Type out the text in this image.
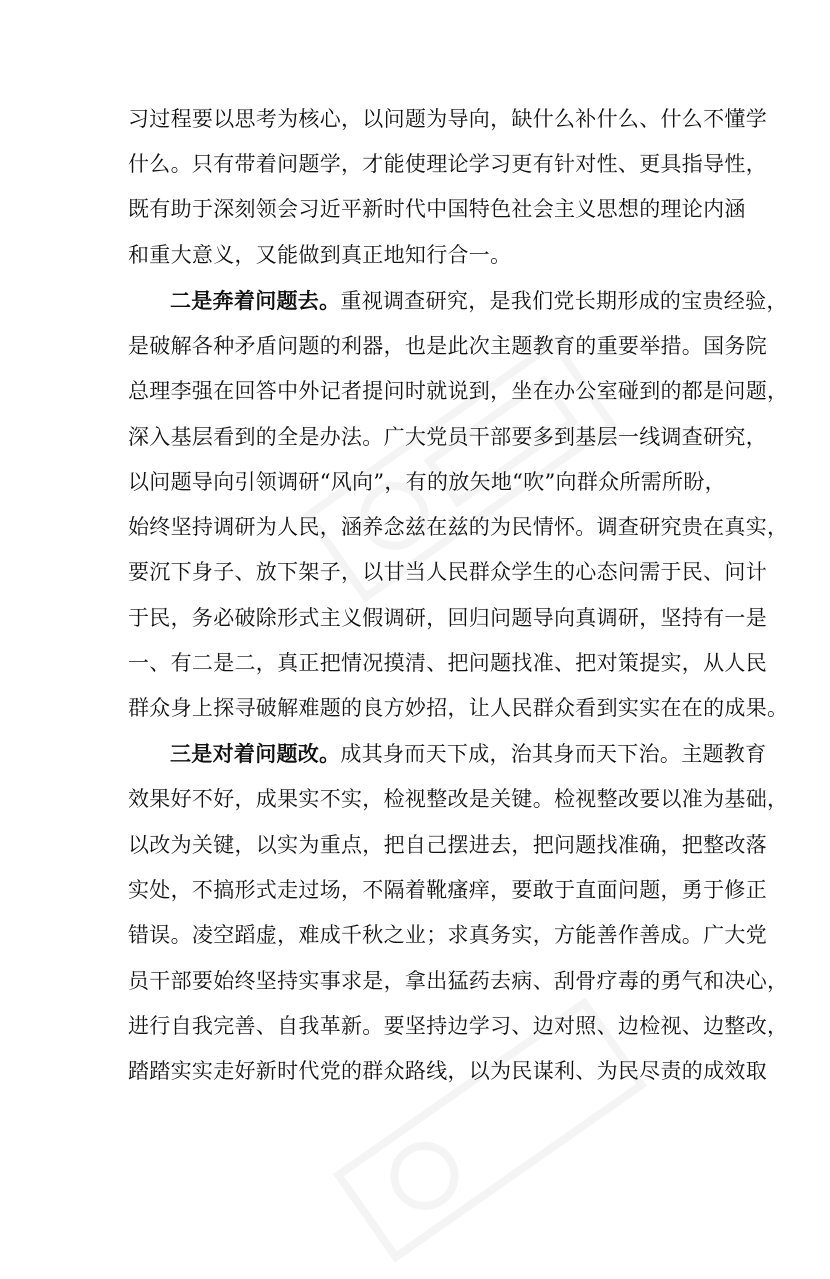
习过程要以思考为核心，以问题为导向，缺什么补什么、什么不懂学
什么。只有带着问题学，才能使理论学习更有针对性、更具指导性，
既有助于深刻领会习近平新时代中国特色社会主义思想的理论内涵
和重大意义，又能做到真正地知行合一。
二是奔着问题去。重视调查研究，是我们党长期形成的宝贵经验，
是破解各种矛盾问题的利器，也是此次主题教育的重要举措。国务院
总理李强在回答中外记者提问时就说到，坐在办公室碰到的都是问题，
深入基层看到的全是办法。广大党员干部要多到基层一线调查研究，
以问题导向引领调研“风向”，有的放矢地“吹”向群众所需所盼，
始终坚持调研为人民，涵养念兹在兹的为民情怀。调查研究贵在真实，
要沉下身子、放下架子，以甘当人民群众学生的心态问需于民、问计
于民，务必破除形式主义假调研，回归问题导向真调研，坚持有一是
一、有二是二，真正把情况摸清、把问题找准、把对策提实，从人民
群众身上探寻破解难题的良方妙招，让人民群众看到实实在在的成果。
三是对着问题改。成其身而天下成，治其身而天下治。主题教育
效果好不好，成果实不实，检视整改是关键。检视整改要以准为基础，
以改为关键，以实为重点，把自己摆进去，把问题找准确，把整改落
实处，不搞形式走过场，不隔着靴瘙痒，要敢于直面问题，勇于修正
错误。凌空蹈虚，难成千秋之业；求真务实，方能善作善成。广大党
员干部要始终坚持实事求是，拿出猛药去病、刮骨疗毒的勇气和决心，
进行自我完善、自我革新。要坚持边学习、边对照、边检视、边整改，
踏踏实实走好新时代党的群众路线，以为民谋利、为民尽责的成效取
